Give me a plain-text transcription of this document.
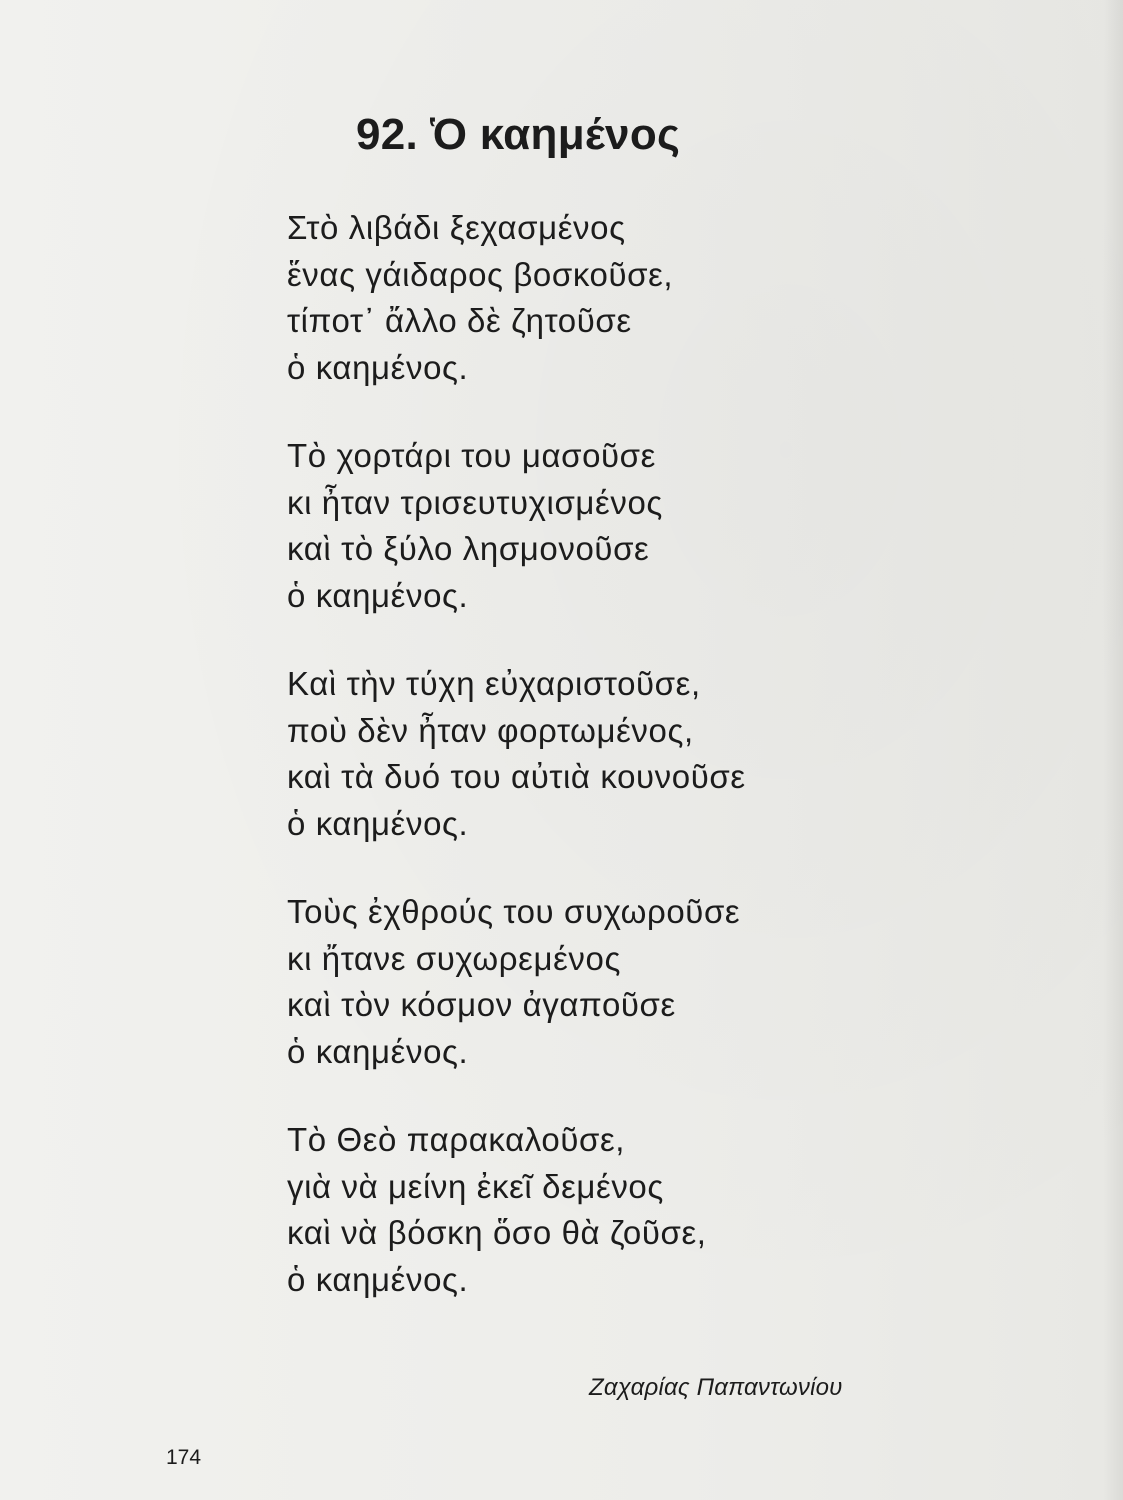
92. Ὁ καημένος
Στὸ λιβάδι ξεχασμένος
ἕνας γάιδαρος βοσκοῦσε,
τίποτ᾽ ἄλλο δὲ ζητοῦσε
ὁ καημένος.
Τὸ χορτάρι του μασοῦσε
κι ἦταν τρισευτυχισμένος
καὶ τὸ ξύλο λησμονοῦσε
ὁ καημένος.
Καὶ τὴν τύχη εὐχαριστοῦσε,
ποὺ δὲν ἦταν φορτωμένος,
καὶ τὰ δυό του αὐτιὰ κουνοῦσε
ὁ καημένος.
Τοὺς ἐχθρούς του συχωροῦσε
κι ἤτανε συχωρεμένος
καὶ τὸν κόσμον ἀγαποῦσε
ὁ καημένος.
Τὸ Θεὸ παρακαλοῦσε,
γιὰ νὰ μείνη ἐκεῖ δεμένος
καὶ νὰ βόσκη ὅσο θὰ ζοῦσε,
ὁ καημένος.
Ζαχαρίας Παπαντωνίου
174
